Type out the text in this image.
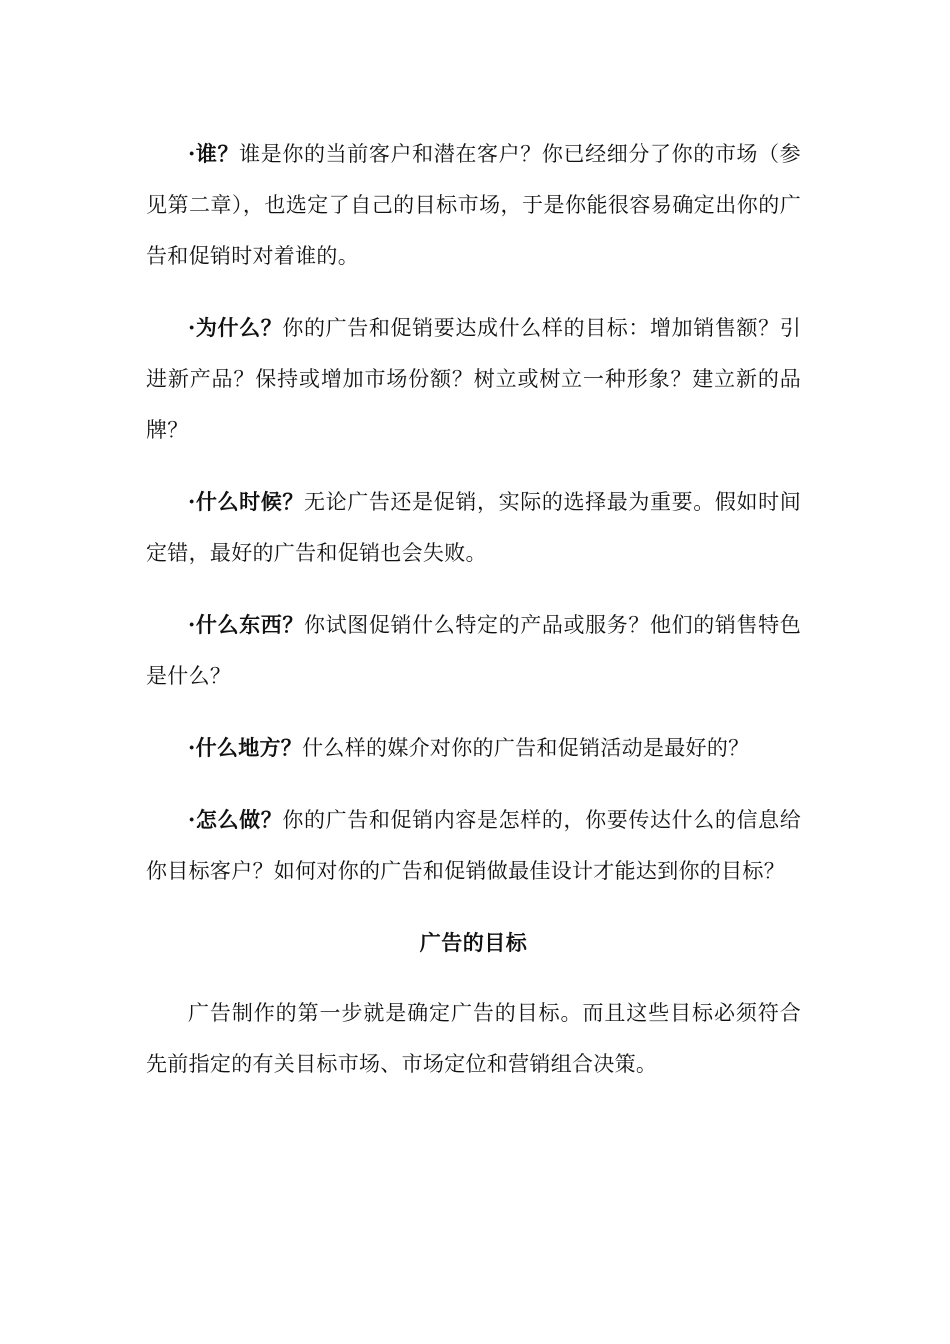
·谁？谁是你的当前客户和潜在客户？你已经细分了你的市场（参见第二章），也选定了自己的目标市场，于是你能很容易确定出你的广告和促销时对着谁的。

·为什么？你的广告和促销要达成什么样的目标：增加销售额？引进新产品？保持或增加市场份额？树立或树立一种形象？建立新的品牌？

·什么时候？无论广告还是促销，实际的选择最为重要。假如时间定错，最好的广告和促销也会失败。

·什么东西？你试图促销什么特定的产品或服务？他们的销售特色是什么？

·什么地方？什么样的媒介对你的广告和促销活动是最好的？

·怎么做？你的广告和促销内容是怎样的，你要传达什么的信息给你目标客户？如何对你的广告和促销做最佳设计才能达到你的目标？

广告的目标

广告制作的第一步就是确定广告的目标。而且这些目标必须符合先前指定的有关目标市场、市场定位和营销组合决策。
